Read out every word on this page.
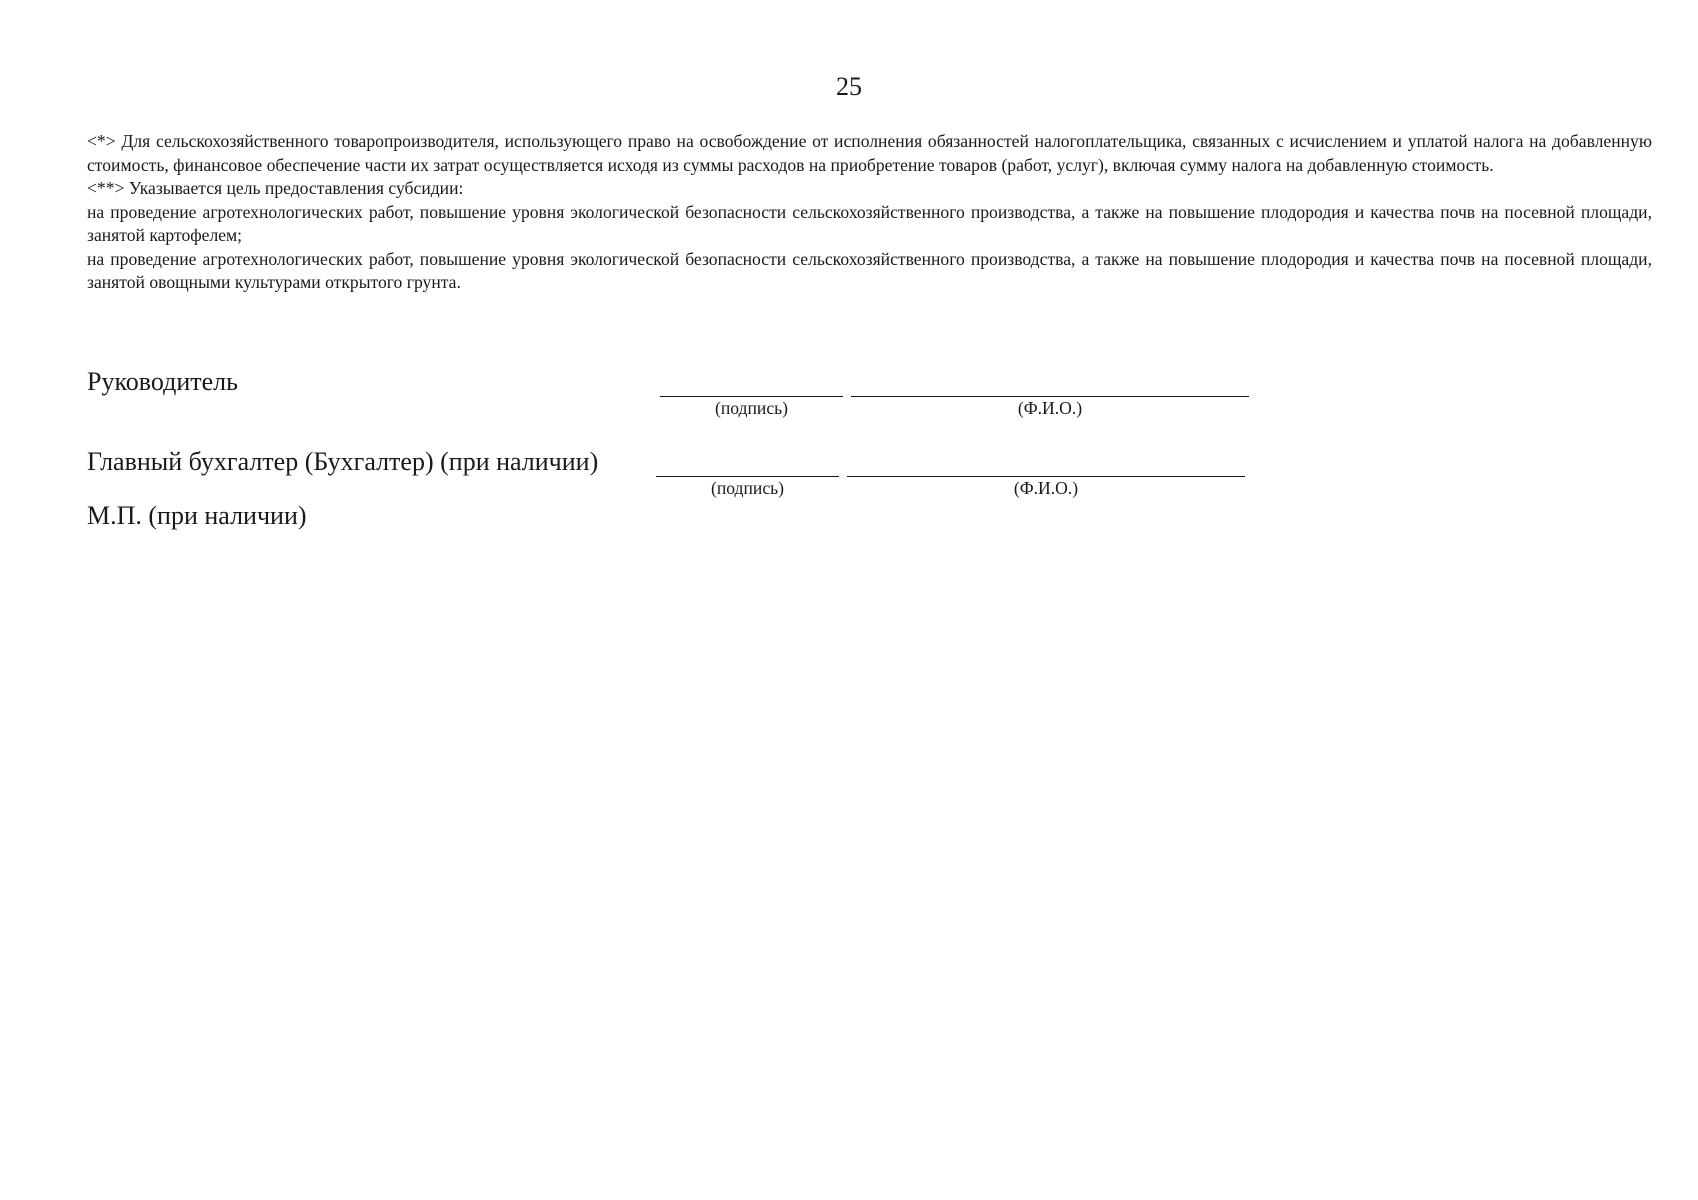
25

<*> Для сельскохозяйственного товаропроизводителя, использующего право на освобождение от исполнения обязанностей налогоплательщика, связанных с исчислением и уплатой налога на добавленную стоимость, финансовое обеспечение части их затрат осуществляется исходя из суммы расходов на приобретение товаров (работ, услуг), включая сумму налога на добавленную стоимость.

<**> Указывается цель предоставления субсидии:

на проведение агротехнологических работ, повышение уровня экологической безопасности сельскохозяйственного производства, а также на повышение плодородия и качества почв на посевной площади, занятой картофелем;

на проведение агротехнологических работ, повышение уровня экологической безопасности сельскохозяйственного производства, а также на повышение плодородия и качества почв на посевной площади, занятой овощными культурами открытого грунта.

Руководитель
(подпись)	(Ф.И.О.)
Главный бухгалтер (Бухгалтер) (при наличии)
(подпись)	(Ф.И.О.)
М.П. (при наличии)
